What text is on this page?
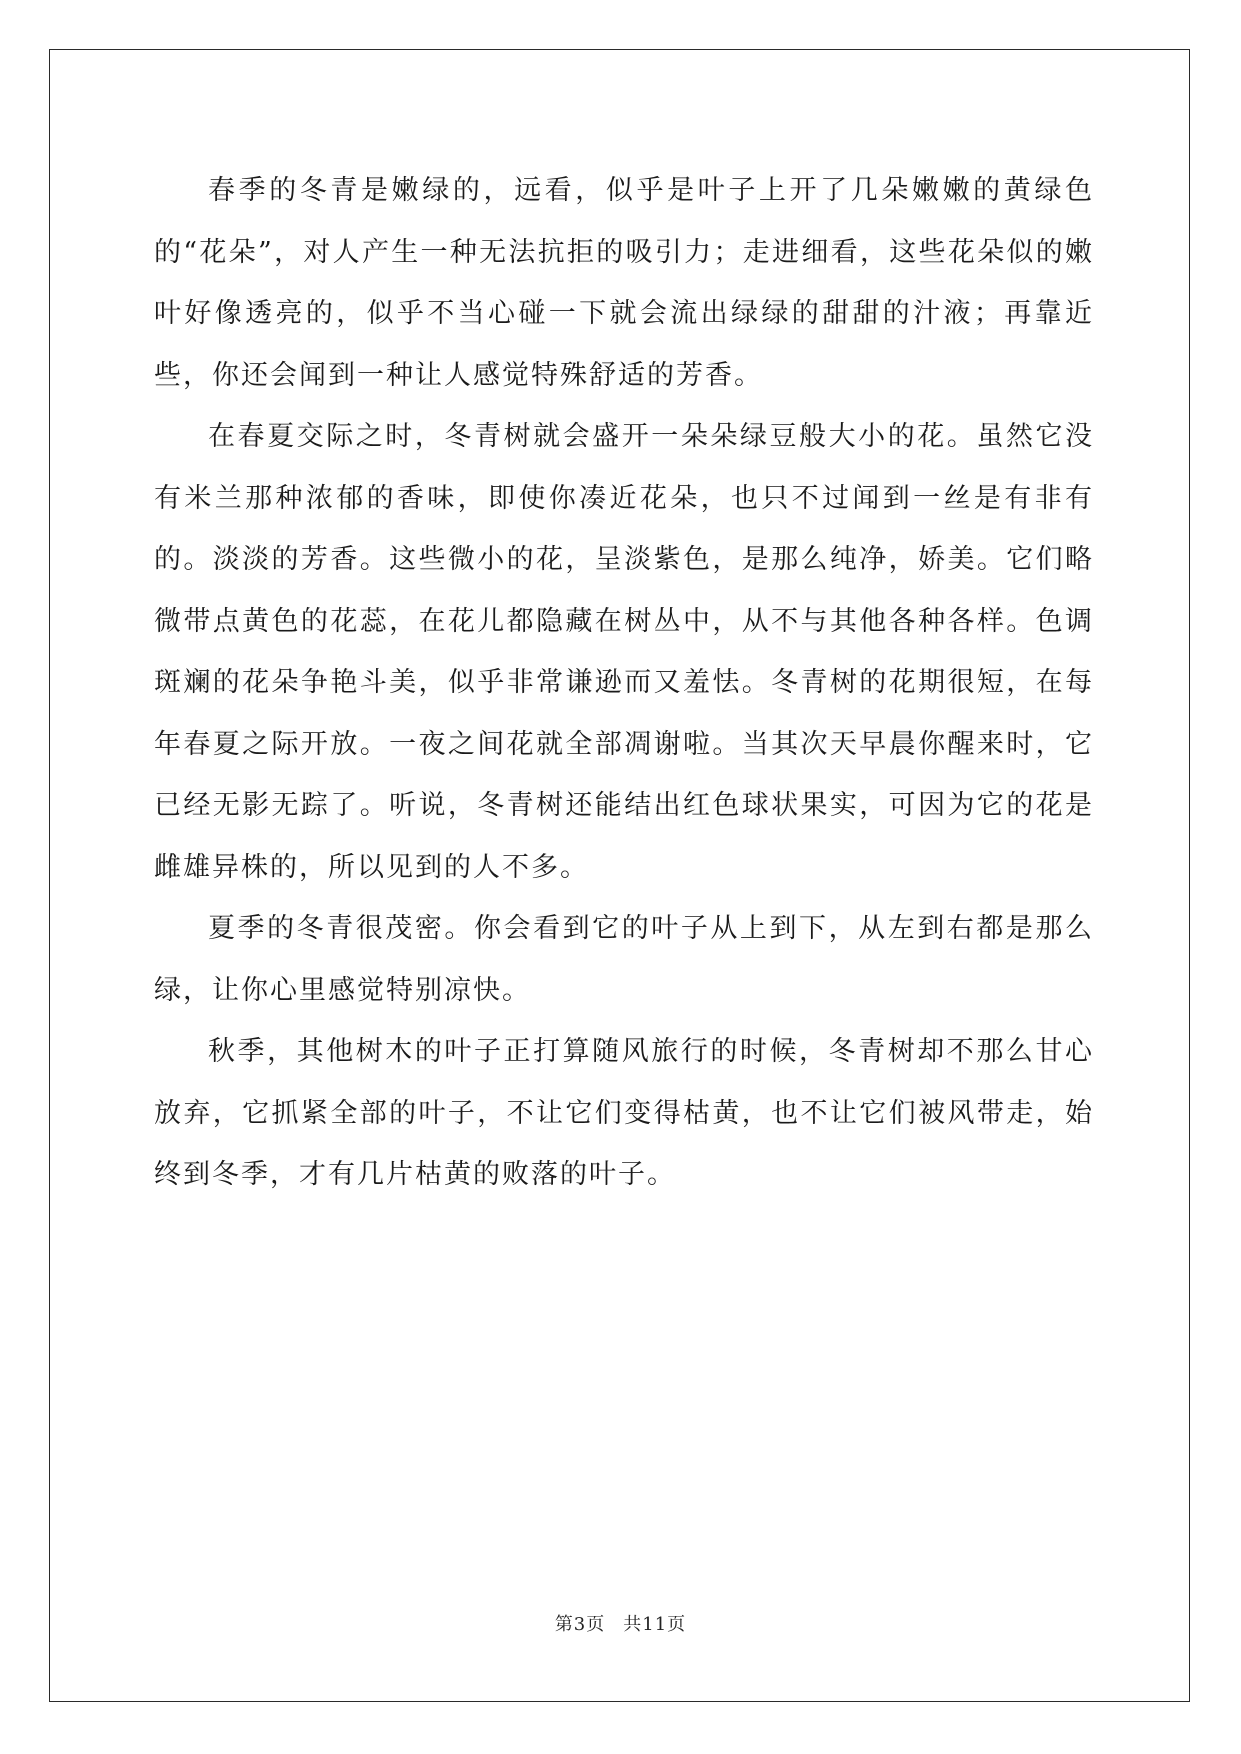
春季的冬青是嫩绿的，远看，似乎是叶子上开了几朵嫩嫩的黄绿色的“花朵”，对人产生一种无法抗拒的吸引力；走进细看，这些花朵似的嫩叶好像透亮的，似乎不当心碰一下就会流出绿绿的甜甜的汁液；再靠近些，你还会闻到一种让人感觉特殊舒适的芳香。

在春夏交际之时，冬青树就会盛开一朵朵绿豆般大小的花。虽然它没有米兰那种浓郁的香味，即使你凑近花朵，也只不过闻到一丝是有非有的。淡淡的芳香。这些微小的花，呈淡紫色，是那么纯净，娇美。它们略微带点黄色的花蕊，在花儿都隐藏在树丛中，从不与其他各种各样。色调斑斓的花朵争艳斗美，似乎非常谦逊而又羞怯。冬青树的花期很短，在每年春夏之际开放。一夜之间花就全部凋谢啦。当其次天早晨你醒来时，它已经无影无踪了。听说，冬青树还能结出红色球状果实，可因为它的花是雌雄异株的，所以见到的人不多。

夏季的冬青很茂密。你会看到它的叶子从上到下，从左到右都是那么绿，让你心里感觉特别凉快。

秋季，其他树木的叶子正打算随风旅行的时候，冬青树却不那么甘心放弃，它抓紧全部的叶子，不让它们变得枯黄，也不让它们被风带走，始终到冬季，才有几片枯黄的败落的叶子。

第3页 共11页
